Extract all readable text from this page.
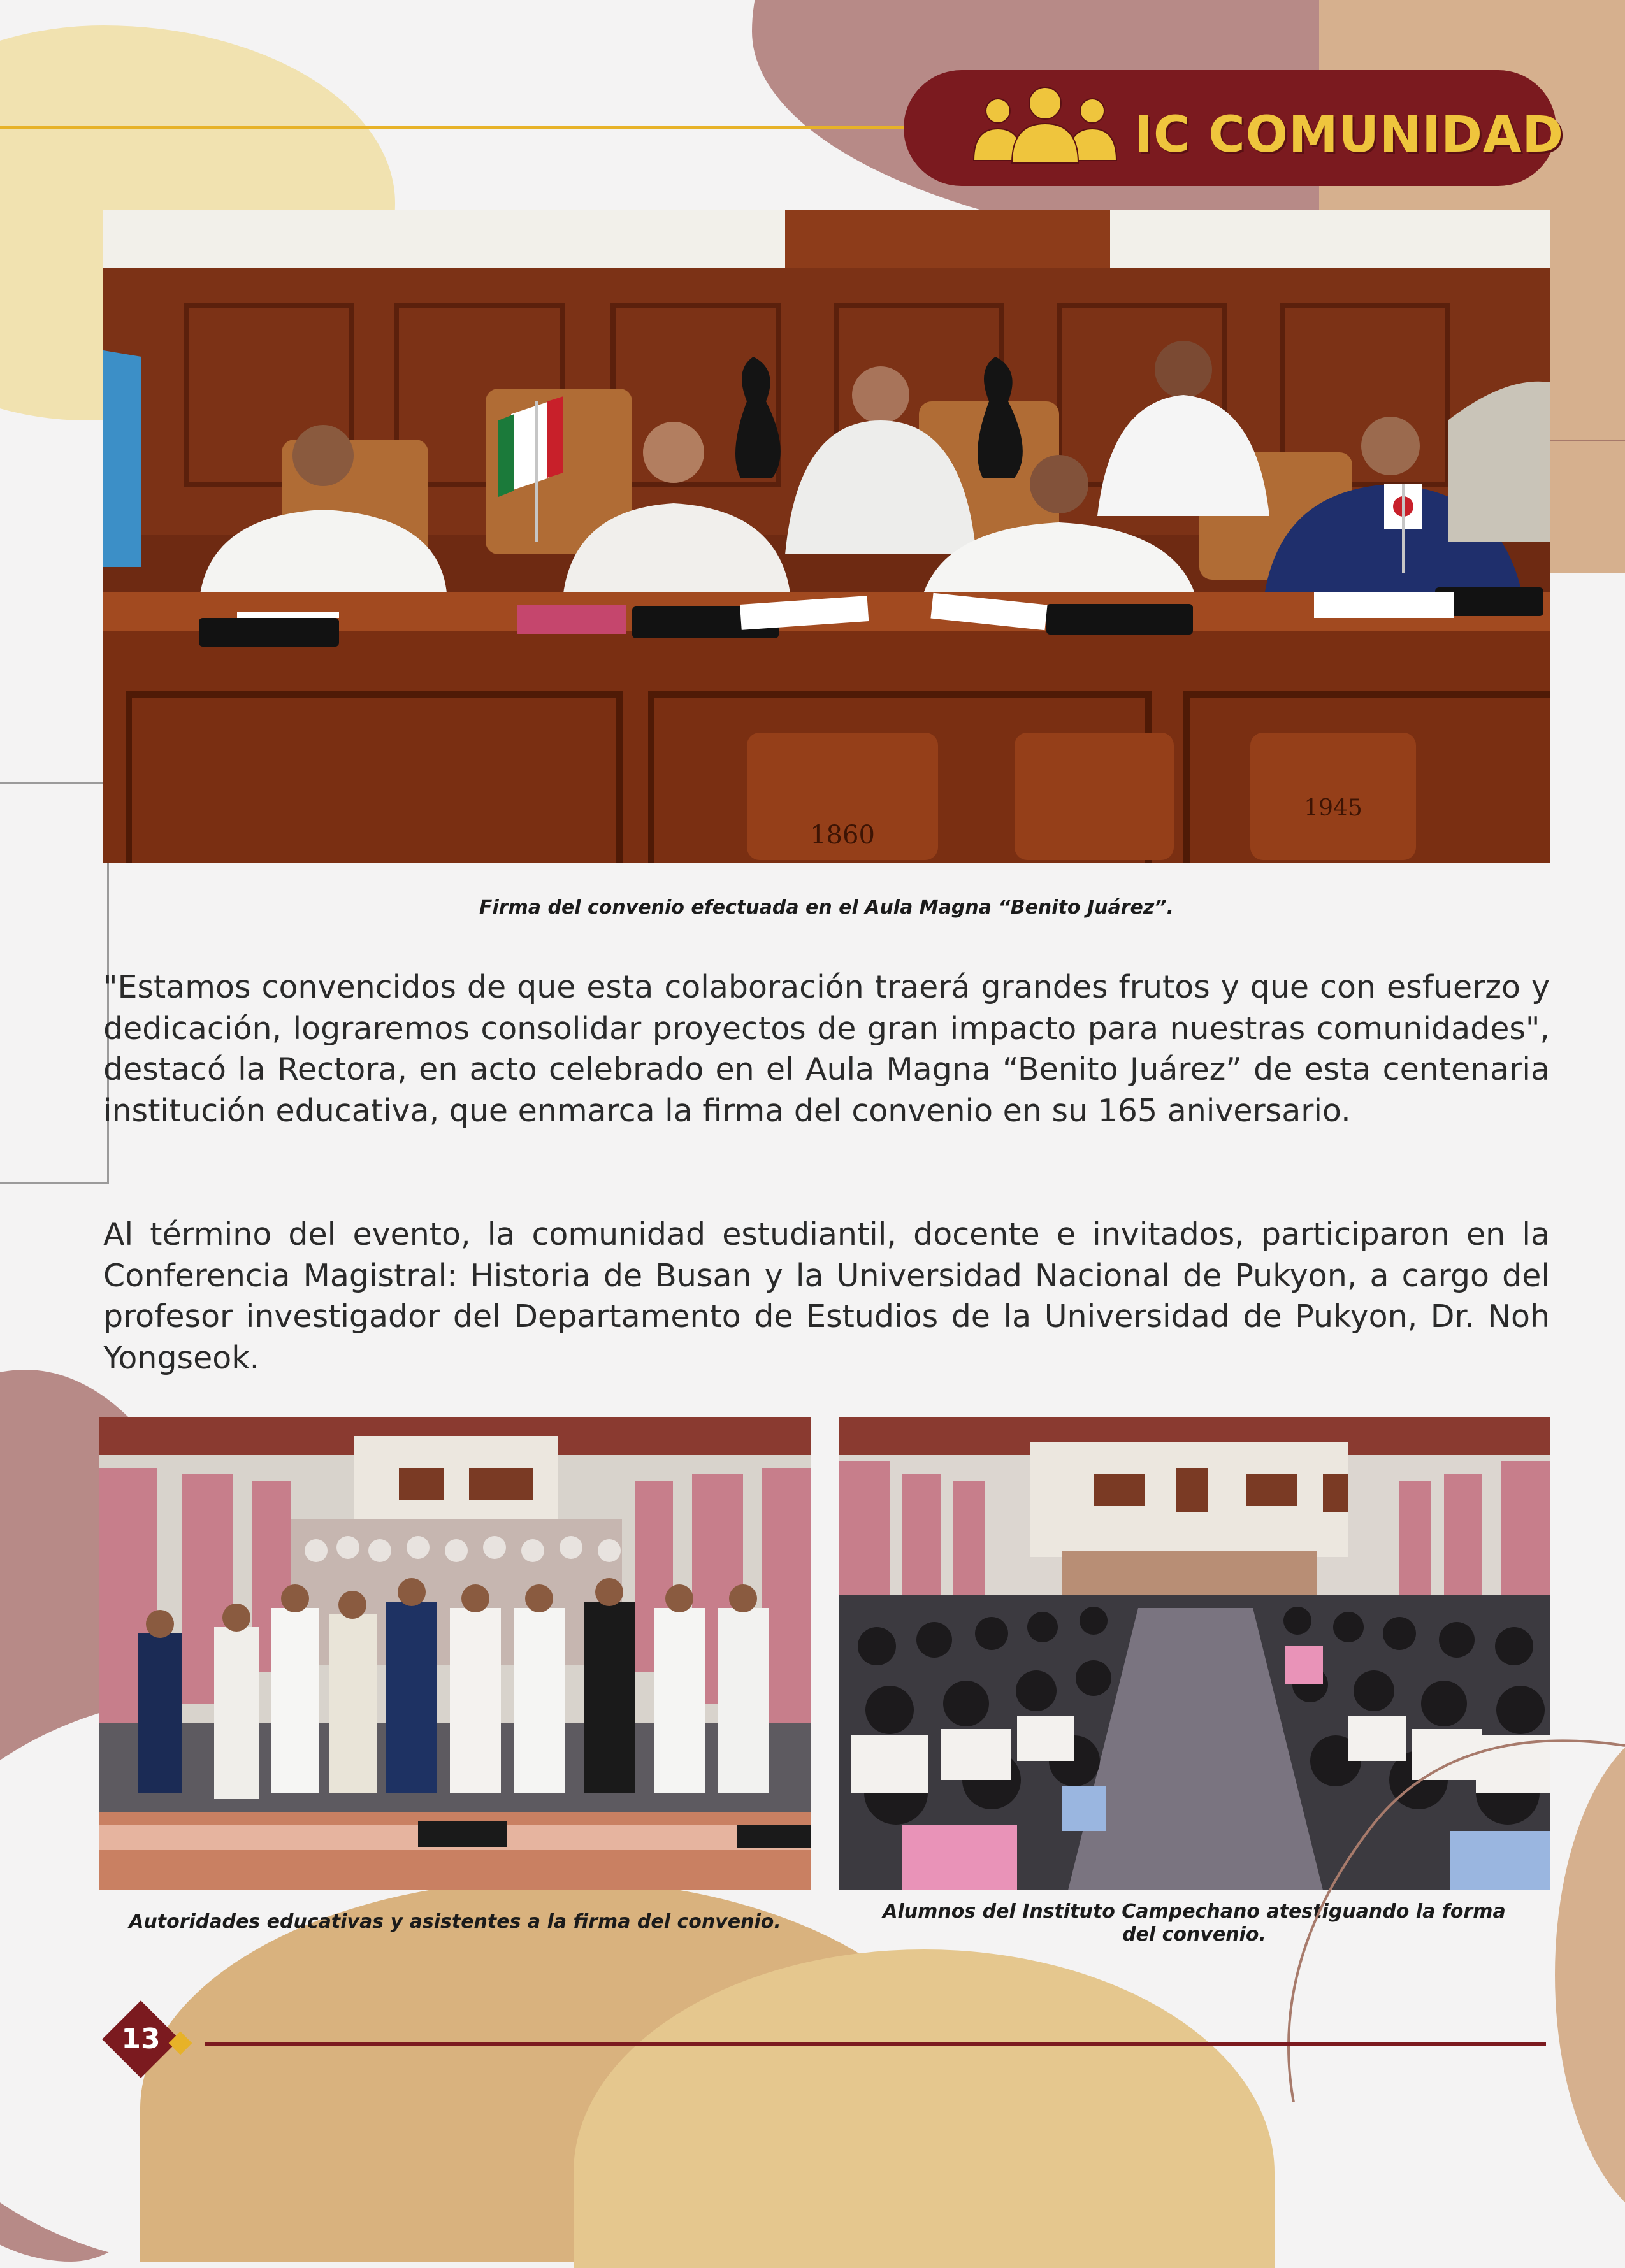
IC COMUNIDAD
1860
1945
Firma del convenio efectuada en el Aula Magna “Benito Juárez”.

"Estamos convencidos de que esta colaboración traerá grandes frutos y que con esfuerzo y dedicación, lograremos consolidar proyectos de gran impacto para nuestras comunidades", destacó la Rectora, en acto celebrado en el Aula Magna “Benito Juárez” de esta centenaria institución educativa, que enmarca la firma del convenio en su 165 aniversario.

Al término del evento, la comunidad estudiantil, docente e invitados, participaron en la Conferencia Magistral: Historia de Busan y la Universidad Nacional de Pukyon, a cargo del profesor investigador del Departamento de Estudios de la Universidad de Pukyon, Dr. Noh Yongseok.

Autoridades educativas y asistentes a la firma del convenio.	Alumnos del Instituto Campechano atestiguando la forma
del convenio.
13
